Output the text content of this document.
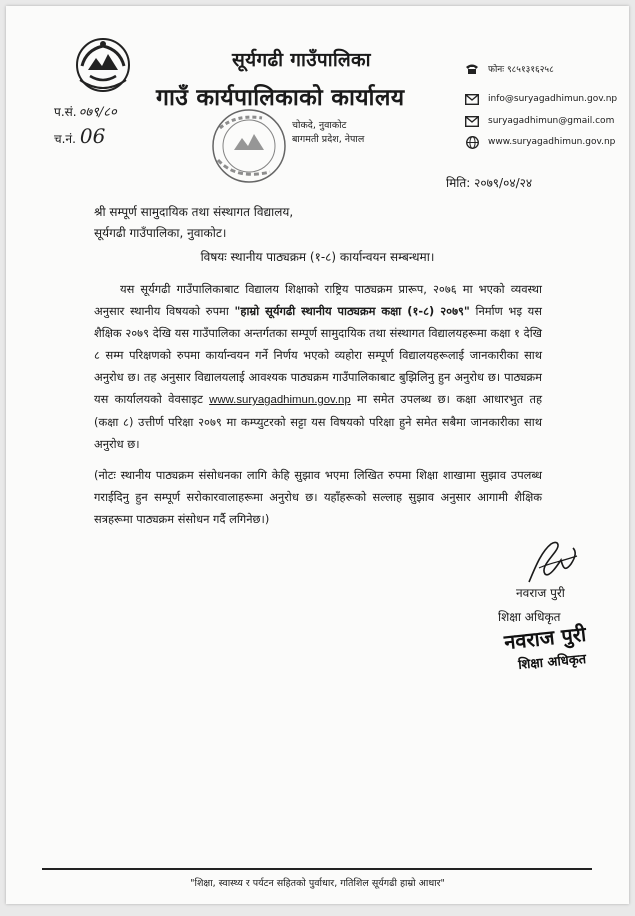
सूर्यगढी गाउँपालिका
गाउँ कार्यपालिकाको कार्यालय
चोकदे, नुवाकोट
बागमती प्रदेश, नेपाल
प.सं. ०७९/८०
च.नं. 06
फोनः ९८५१३१६२५८
info@suryagadhimun.gov.np
suryagadhimun@gmail.com
www.suryagadhimun.gov.np
मिति: २०७९/०४/२४
श्री सम्पूर्ण सामुदायिक तथा संस्थागत विद्यालय,
सूर्यगढी गाउँपालिका, नुवाकोट।
विषयः स्थानीय पाठ्यक्रम (१-८) कार्यान्वयन सम्बन्धमा।
यस सूर्यगढी गाउँपालिकाबाट विद्यालय शिक्षाको राष्ट्रिय पाठ्यक्रम प्रारूप, २०७६ मा भएको व्यवस्था अनुसार स्थानीय विषयको रुपमा "हाम्रो सूर्यगढी स्थानीय पाठ्यक्रम कक्षा (१-८) २०७९" निर्माण भइ यस शैक्षिक २०७९ देखि यस गाउँपालिका अन्तर्गतका सम्पूर्ण सामुदायिक तथा संस्थागत विद्यालयहरूमा कक्षा १ देखि ८ सम्म परिक्षणको रुपमा कार्यान्वयन गर्ने निर्णय भएको व्यहोरा सम्पूर्ण विद्यालयहरूलाई जानकारीका साथ अनुरोध छ। तह अनुसार विद्यालयलाई आवश्यक पाठ्यक्रम गाउँपालिकाबाट बुझिलिनु हुन अनुरोध छ। पाठ्यक्रम यस कार्यालयको वेवसाइट www.suryagadhimun.gov.np मा समेत उपलब्ध छ। कक्षा आधारभुत तह (कक्षा ८) उत्तीर्ण परिक्षा २०७९ मा कम्प्युटरको सट्टा यस विषयको परिक्षा हुने समेत सबैमा जानकारीका साथ अनुरोध छ।
(नोटः स्थानीय पाठ्यक्रम संसोधनका लागि केहि सुझाव भएमा लिखित रुपमा शिक्षा शाखामा सुझाव उपलब्ध गराईदिनु हुन सम्पूर्ण सरोकारवालाहरूमा अनुरोध छ। यहाँहरूको सल्लाह सुझाव अनुसार आगामी शैक्षिक सत्रहरूमा पाठ्यक्रम संसोधन गर्दै लगिनेछ।)
नवराज पुरी
शिक्षा अधिकृत
नवराज पुरी
शिक्षा अधिकृत
"शिक्षा, स्वास्थ्य र पर्यटन सहितको पुर्वाधार, गतिशिल सूर्यगढी हाम्रो आधार"
